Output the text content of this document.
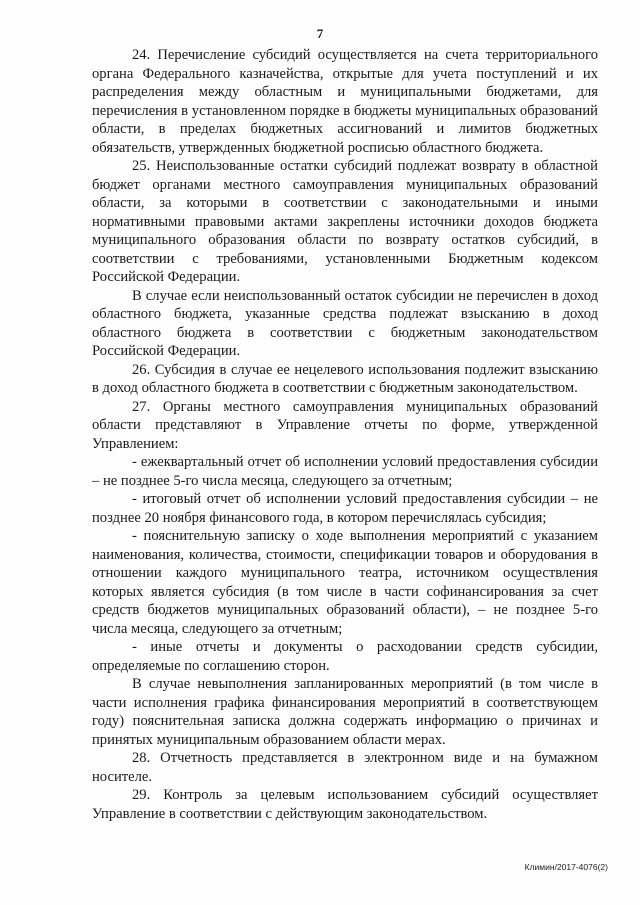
7

24. Перечисление субсидий осуществляется на счета территориального органа Федерального казначейства, открытые для учета поступлений и их распределения между областным и муниципальными бюджетами, для перечисления в установленном порядке в бюджеты муниципальных образований области, в пределах бюджетных ассигнований и лимитов бюджетных обязательств, утвержденных бюджетной росписью областного бюджета.

25. Неиспользованные остатки субсидий подлежат возврату в областной бюджет органами местного самоуправления муниципальных образований области, за которыми в соответствии с законодательными и иными нормативными правовыми актами закреплены источники доходов бюджета муниципального образования области по возврату остатков субсидий, в соответствии с требованиями, установленными Бюджетным кодексом Российской Федерации.

В случае если неиспользованный остаток субсидии не перечислен в доход областного бюджета, указанные средства подлежат взысканию в доход областного бюджета в соответствии с бюджетным законодательством Российской Федерации.

26. Субсидия в случае ее нецелевого использования подлежит взысканию в доход областного бюджета в соответствии с бюджетным законодательством.

27. Органы местного самоуправления муниципальных образований области представляют в Управление отчеты по форме, утвержденной Управлением:

- ежеквартальный отчет об исполнении условий предоставления субсидии – не позднее 5-го числа месяца, следующего за отчетным;

- итоговый отчет об исполнении условий предоставления субсидии – не позднее 20 ноября финансового года, в котором перечислялась субсидия;

- пояснительную записку о ходе выполнения мероприятий с указанием наименования, количества, стоимости, спецификации товаров и оборудования в отношении каждого муниципального театра, источником осуществления которых является субсидия (в том числе в части софинансирования за счет средств бюджетов муниципальных образований области), – не позднее 5-го числа месяца, следующего за отчетным;

- иные отчеты и документы о расходовании средств субсидии, определяемые по соглашению сторон.

В случае невыполнения запланированных мероприятий (в том числе в части исполнения графика финансирования мероприятий в соответствующем году) пояснительная записка должна содержать информацию о причинах и принятых муниципальным образованием области мерах.

28. Отчетность представляется в электронном виде и на бумажном носителе.

29. Контроль за целевым использованием субсидий осуществляет Управление в соответствии с действующим законодательством.

Климин/2017-4076(2)
